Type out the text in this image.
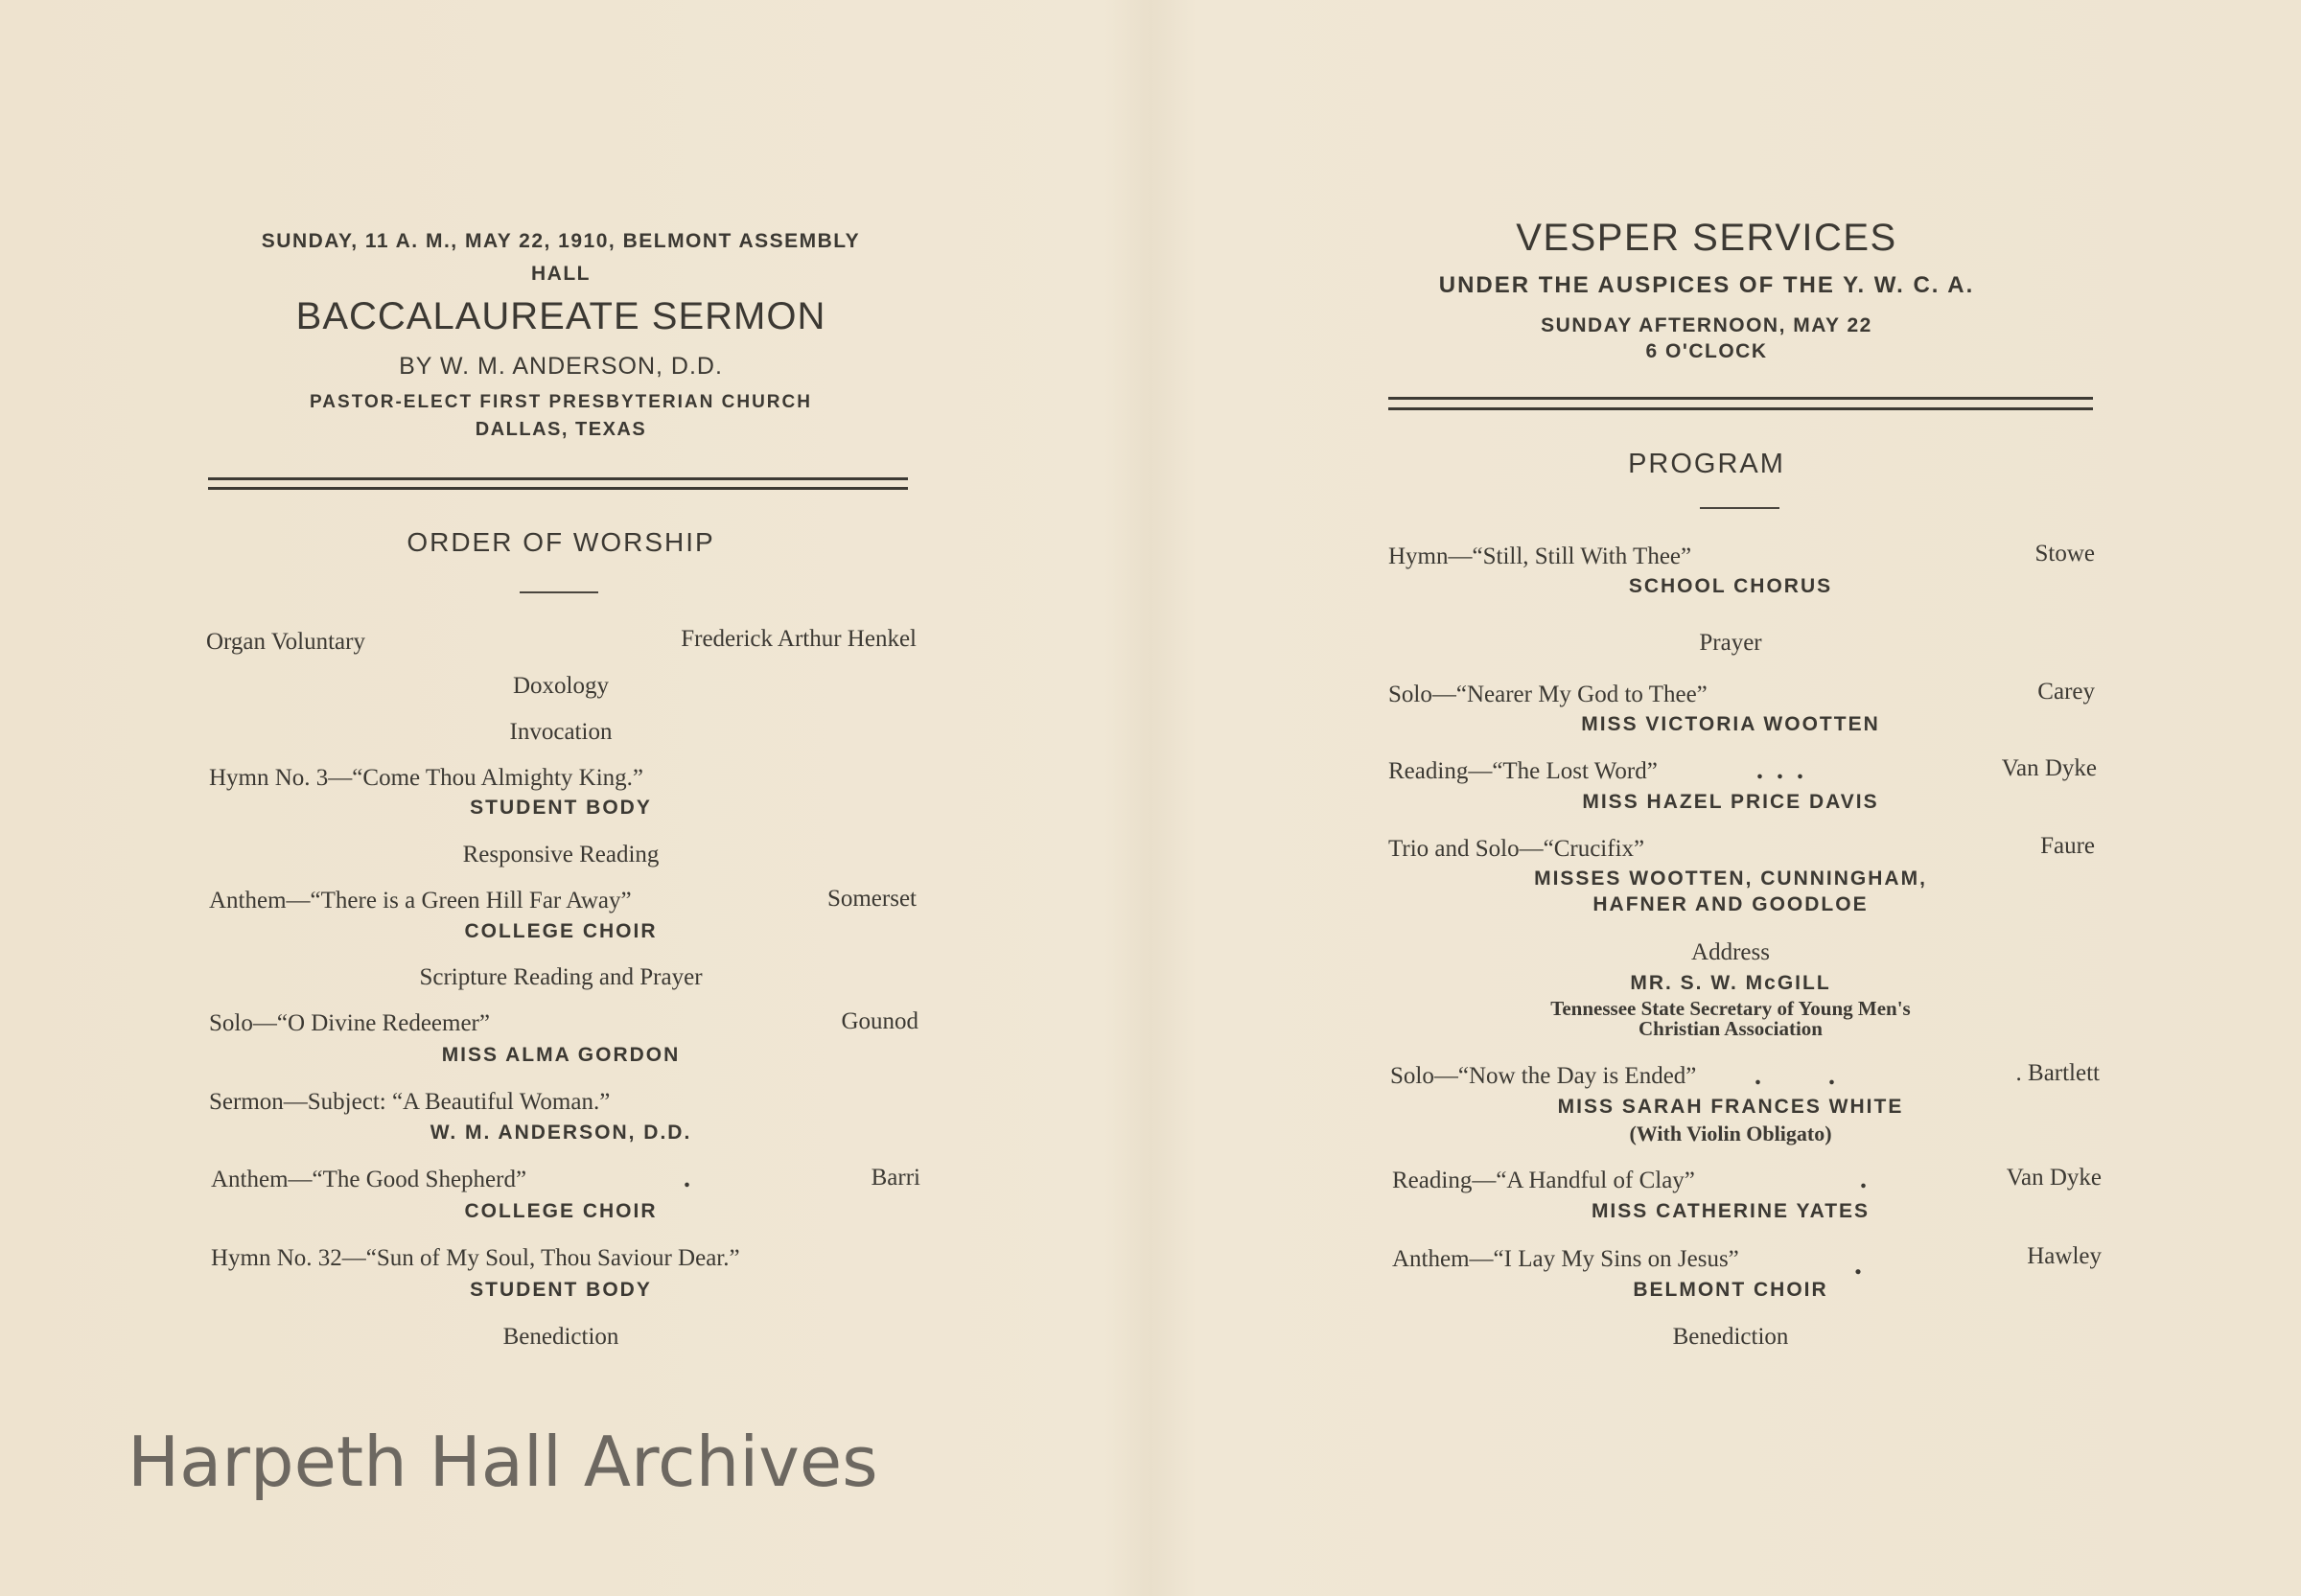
SUNDAY, 11 A. M., MAY 22, 1910, BELMONT ASSEMBLY
HALL
BACCALAUREATE SERMON
BY W. M. ANDERSON, D.D.
PASTOR-ELECT FIRST PRESBYTERIAN CHURCH
DALLAS, TEXAS
ORDER OF WORSHIP
Organ Voluntary	Frederick Arthur Henkel
Doxology
Invocation
Hymn No. 3—“Come Thou Almighty King.”
STUDENT BODY
Responsive Reading
Anthem—“There is a Green Hill Far Away”	Somerset
COLLEGE CHOIR
Scripture Reading and Prayer
Solo—“O Divine Redeemer”	Gounod
MISS ALMA GORDON
Sermon—Subject: “A Beautiful Woman.”
W. M. ANDERSON, D.D.
Anthem—“The Good Shepherd”	.	Barri
COLLEGE CHOIR
Hymn No. 32—“Sun of My Soul, Thou Saviour Dear.”
STUDENT BODY
Benediction
VESPER SERVICES
UNDER THE AUSPICES OF THE Y. W. C. A.
SUNDAY AFTERNOON, MAY 22
6 O'CLOCK
PROGRAM
Hymn—“Still, Still With Thee”	Stowe
SCHOOL CHORUS
Prayer
Solo—“Nearer My God to Thee”	Carey
MISS VICTORIA WOOTTEN
Reading—“The Lost Word”	.  .  .	Van Dyke
MISS HAZEL PRICE DAVIS
Trio and Solo—“Crucifix”	Faure
MISSES WOOTTEN, CUNNINGHAM,
HAFNER AND GOODLOE
Address
MR. S. W. McGILL
Tennessee State Secretary of Young Men's
Christian Association
Solo—“Now the Day is Ended” .          .	. Bartlett
MISS SARAH FRANCES WHITE
(With Violin Obligato)
Reading—“A Handful of Clay”	.	Van Dyke
MISS CATHERINE YATES
Anthem—“I Lay My Sins on Jesus”	.	Hawley
BELMONT CHOIR
Benediction
Harpeth Hall Archives
